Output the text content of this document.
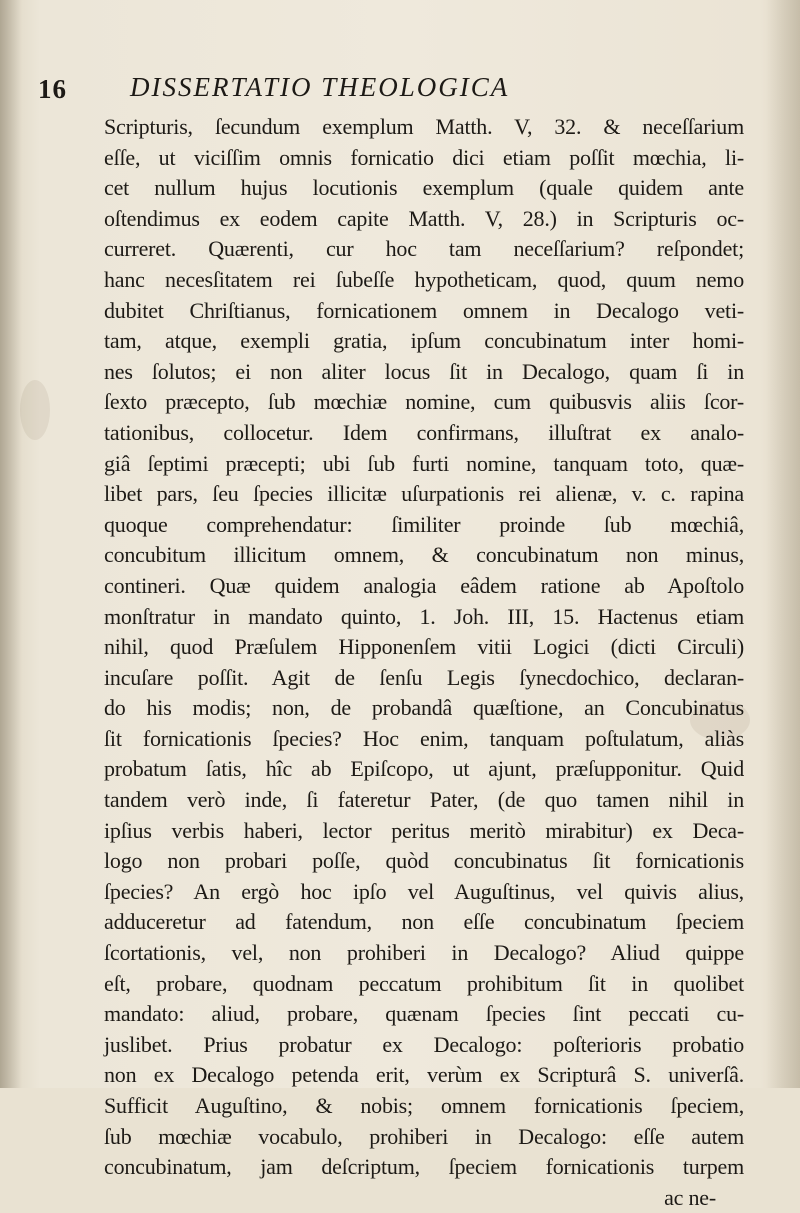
16 DISSERTATIO THEOLOGICA
Scripturis, ſecundum exemplum Matth. V, 32. & neceſſarium
eſſe, ut viciſſim omnis fornicatio dici etiam poſſit mœchia, li-
cet nullum hujus locutionis exemplum (quale quidem ante
oſtendimus ex eodem capite Matth. V, 28.) in Scripturis oc-
curreret. Quærenti, cur hoc tam neceſſarium? reſpondet;
hanc necesſitatem rei ſubeſſe hypotheticam, quod, quum nemo
dubitet Chriſtianus, fornicationem omnem in Decalogo veti-
tam, atque, exempli gratia, ipſum concubinatum inter homi-
nes ſolutos; ei non aliter locus ſit in Decalogo, quam ſi in
ſexto præcepto, ſub mœchiæ nomine, cum quibusvis aliis ſcor-
tationibus, collocetur. Idem confirmans, illuſtrat ex analo-
giâ ſeptimi præcepti; ubi ſub furti nomine, tanquam toto, quæ-
libet pars, ſeu ſpecies illicitæ uſurpationis rei alienæ, v. c. rapina
quoque comprehendatur: ſimiliter proinde ſub mœchiâ,
concubitum illicitum omnem, & concubinatum non minus,
contineri. Quæ quidem analogia eâdem ratione ab Apoſtolo
monſtratur in mandato quinto, 1. Joh. III, 15. Hactenus etiam
nihil, quod Præſulem Hipponenſem vitii Logici (dicti Circuli)
incuſare poſſit. Agit de ſenſu Legis ſynecdochico, declaran-
do his modis; non, de probandâ quæſtione, an Concubinatus
ſit fornicationis ſpecies? Hoc enim, tanquam poſtulatum, aliàs
probatum ſatis, hîc ab Epiſcopo, ut ajunt, præſupponitur. Quid
tandem verò inde, ſi fateretur Pater, (de quo tamen nihil in
ipſius verbis haberi, lector peritus meritò mirabitur) ex Deca-
logo non probari poſſe, quòd concubinatus ſit fornicationis
ſpecies? An ergò hoc ipſo vel Auguſtinus, vel quivis alius,
adduceretur ad fatendum, non eſſe concubinatum ſpeciem
ſcortationis, vel, non prohiberi in Decalogo? Aliud quippe
eſt, probare, quodnam peccatum prohibitum ſit in quolibet
mandato: aliud, probare, quænam ſpecies ſint peccati cu-
juslibet. Prius probatur ex Decalogo: poſterioris probatio
non ex Decalogo petenda erit, verùm ex Scripturâ S. univerſâ.
Sufficit Auguſtino, & nobis; omnem fornicationis ſpeciem,
ſub mœchiæ vocabulo, prohiberi in Decalogo: eſſe autem
concubinatum, jam deſcriptum, ſpeciem fornicationis turpem
ac ne-
